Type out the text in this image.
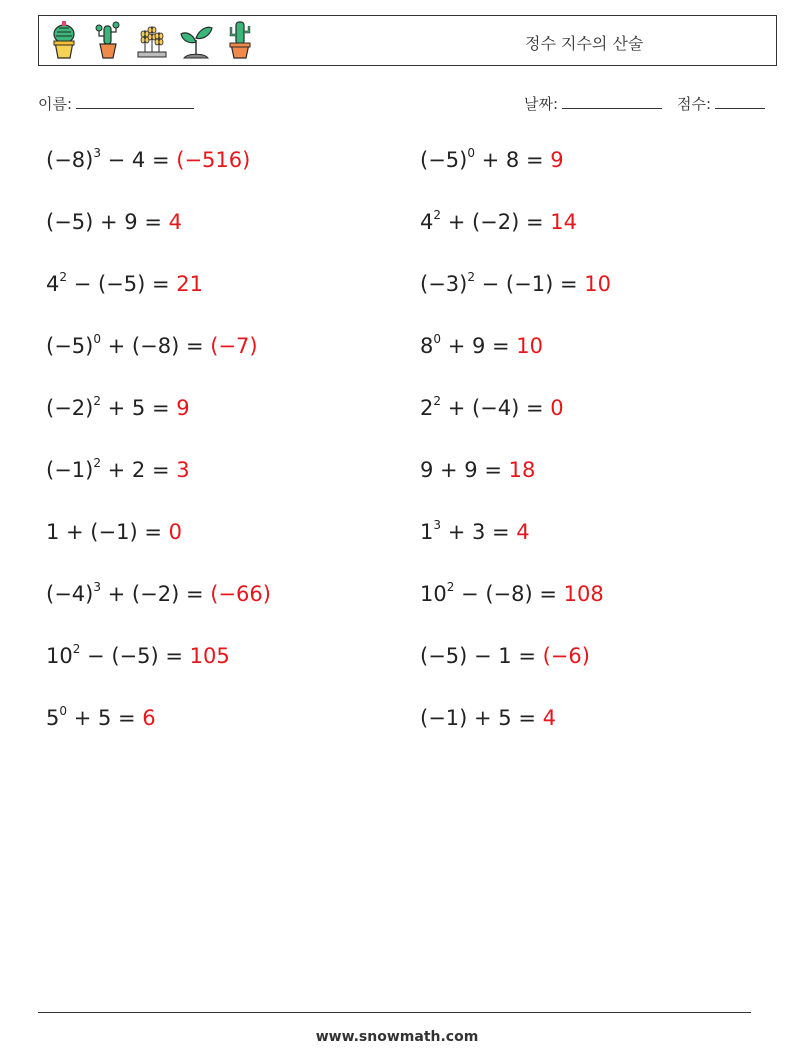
정수 지수의 산술
이름:	날짜:	점수:
$(-8)^3 - 4 = (-516)$	$(-5)^0 + 8 = 9$
(−5) + 9 = 4	$4^2 + (-2) = 14$
$4^2 - (-5) = 21$	$(-3)^2 - (-1) = 10$
$(-5)^0 + (-8) = (-7)$	$8^0 + 9 = 10$
$(-2)^2 + 5 = 9$	$2^2 + (-4) = 0$
$(-1)^2 + 2 = 3$	9 + 9 = 18
1 + (−1) = 0	$1^3 + 3 = 4$
$(-4)^3 + (-2) = (-66)$	$10^2 - (-8) = 108$
$10^2 - (-5) = 105$	(−5) − 1 = (−6)
$5^0 + 5 = 6$	(−1) + 5 = 4
www.snowmath.com
